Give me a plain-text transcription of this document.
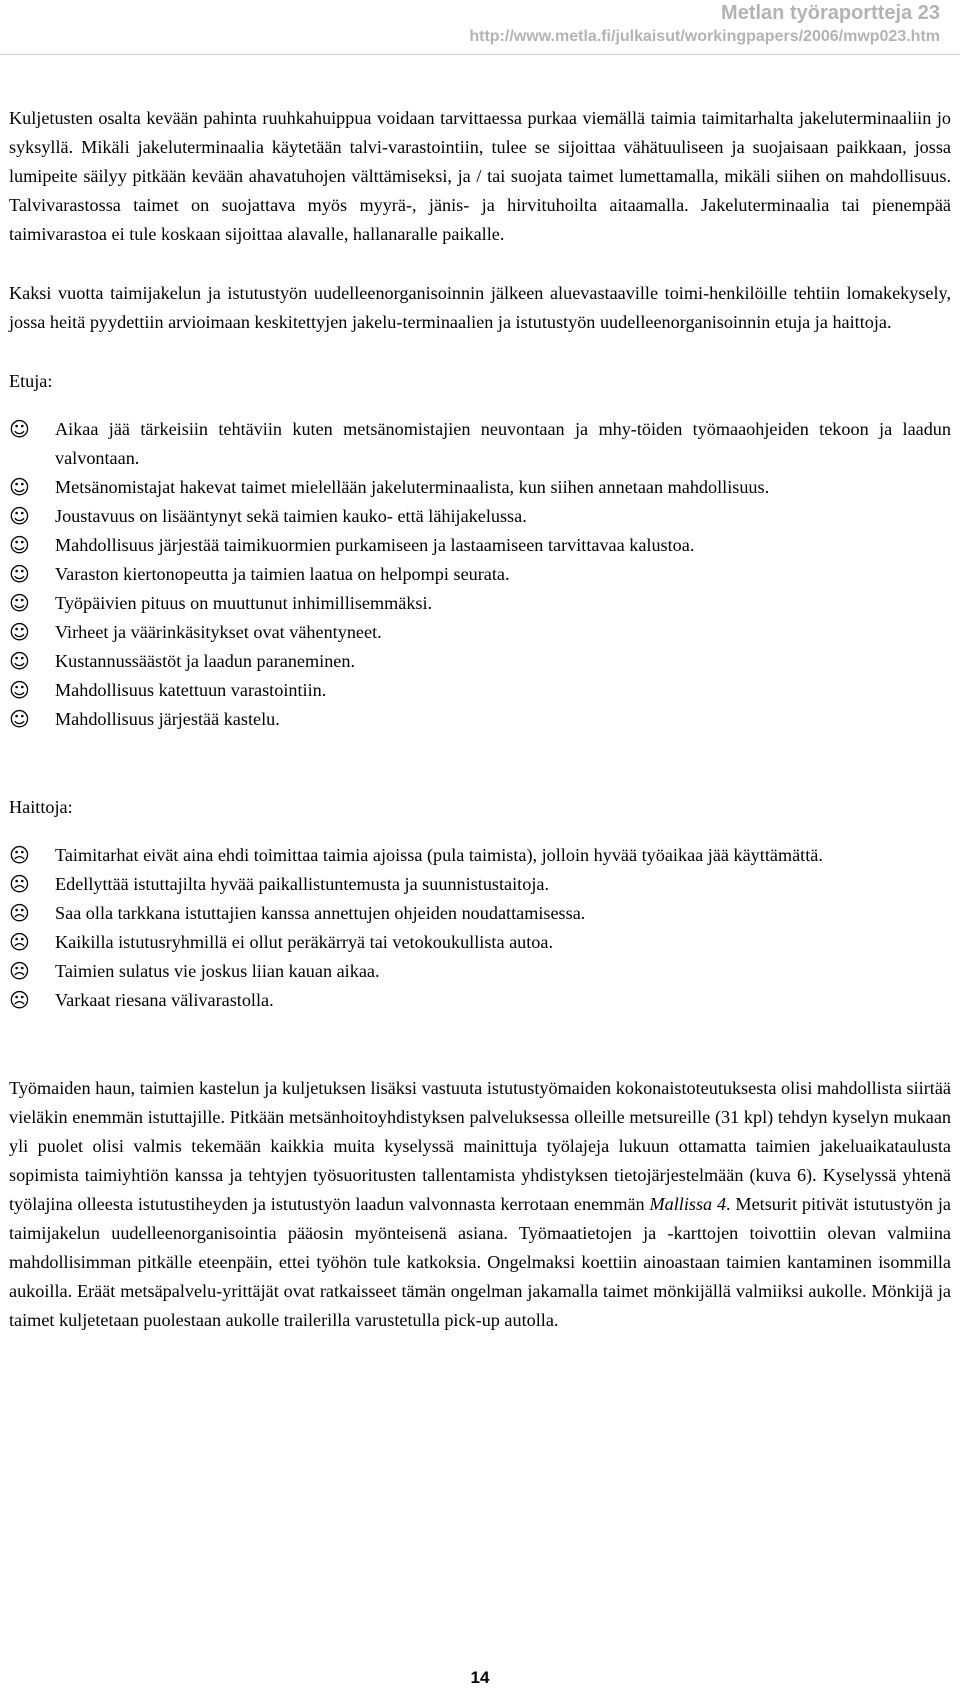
Metlan työraportteja 23
http://www.metla.fi/julkaisut/workingpapers/2006/mwp023.htm

Kuljetusten osalta kevään pahinta ruuhkahuippua voidaan tarvittaessa purkaa viemällä taimia taimitarhalta jakeluterminaaliin jo syksyllä. Mikäli jakeluterminaalia käytetään talvi-varastointiin, tulee se sijoittaa vähätuuliseen ja suojaisaan paikkaan, jossa lumipeite säilyy pitkään kevään ahavatuhojen välttämiseksi, ja / tai suojata taimet lumettamalla, mikäli siihen on mahdollisuus. Talvivarastossa taimet on suojattava myös myyrä-, jänis- ja hirvituhoilta aitaamalla. Jakeluterminaalia tai pienempää taimivarastoa ei tule koskaan sijoittaa alavalle, hallanaralle paikalle.

Kaksi vuotta taimijakelun ja istutustyön uudelleenorganisoinnin jälkeen aluevastaaville toimi-henkilöille tehtiin lomakekysely, jossa heitä pyydettiin arvioimaan keskitettyjen jakelu-terminaalien ja istutustyön uudelleenorganisoinnin etuja ja haittoja.

Etuja:

☺ Aikaa jää tärkeisiin tehtäviin kuten metsänomistajien neuvontaan ja mhy-töiden työmaaohjeiden tekoon ja laadun valvontaan.
☺ Metsänomistajat hakevat taimet mielellään jakeluterminaalista, kun siihen annetaan mahdollisuus.
☺ Joustavuus on lisääntynyt sekä taimien kauko- että lähijakelussa.
☺ Mahdollisuus järjestää taimikuormien purkamiseen ja lastaamiseen tarvittavaa kalustoa.
☺ Varaston kiertonopeutta ja taimien laatua on helpompi seurata.
☺ Työpäivien pituus on muuttunut inhimillisemmäksi.
☺ Virheet ja väärinkäsitykset ovat vähentyneet.
☺ Kustannussäästöt ja laadun paraneminen.
☺ Mahdollisuus katettuun varastointiin.
☺ Mahdollisuus järjestää kastelu.

Haittoja:

☹ Taimitarhat eivät aina ehdi toimittaa taimia ajoissa (pula taimista), jolloin hyvää työaikaa jää käyttämättä.
☹ Edellyttää istuttajilta hyvää paikallistuntemusta ja suunnistustaitoja.
☹ Saa olla tarkkana istuttajien kanssa annettujen ohjeiden noudattamisessa.
☹ Kaikilla istutusryhmillä ei ollut peräkärryä tai vetokoukullista autoa.
☹ Taimien sulatus vie joskus liian kauan aikaa.
☹ Varkaat riesana välivarastolla.

Työmaiden haun, taimien kastelun ja kuljetuksen lisäksi vastuuta istutustyömaiden kokonaistoteutuksesta olisi mahdollista siirtää vieläkin enemmän istuttajille. Pitkään metsänhoitoyhdistyksen palveluksessa olleille metsureille (31 kpl) tehdyn kyselyn mukaan yli puolet olisi valmis tekemään kaikkia muita kyselyssä mainittuja työlajeja lukuun ottamatta taimien jakeluaikataulusta sopimista taimiyhtiön kanssa ja tehtyjen työsuoritusten tallentamista yhdistyksen tietojärjestelmään (kuva 6). Kyselyssä yhtenä työlajina olleesta istutustiheyden ja istutustyön laadun valvonnasta kerrotaan enemmän Mallissa 4. Metsurit pitivät istutustyön ja taimijakelun uudelleenorganisointia pääosin myönteisenä asiana. Työmaatietojen ja -karttojen toivottiin olevan valmiina mahdollisimman pitkälle eteenpäin, ettei työhön tule katkoksia. Ongelmaksi koettiin ainoastaan taimien kantaminen isommilla aukoilla. Eräät metsäpalvelu-yrittäjät ovat ratkaisseet tämän ongelman jakamalla taimet mönkijällä valmiiksi aukolle. Mönkijä ja taimet kuljetetaan puolestaan aukolle trailerilla varustetulla pick-up autolla.

14
